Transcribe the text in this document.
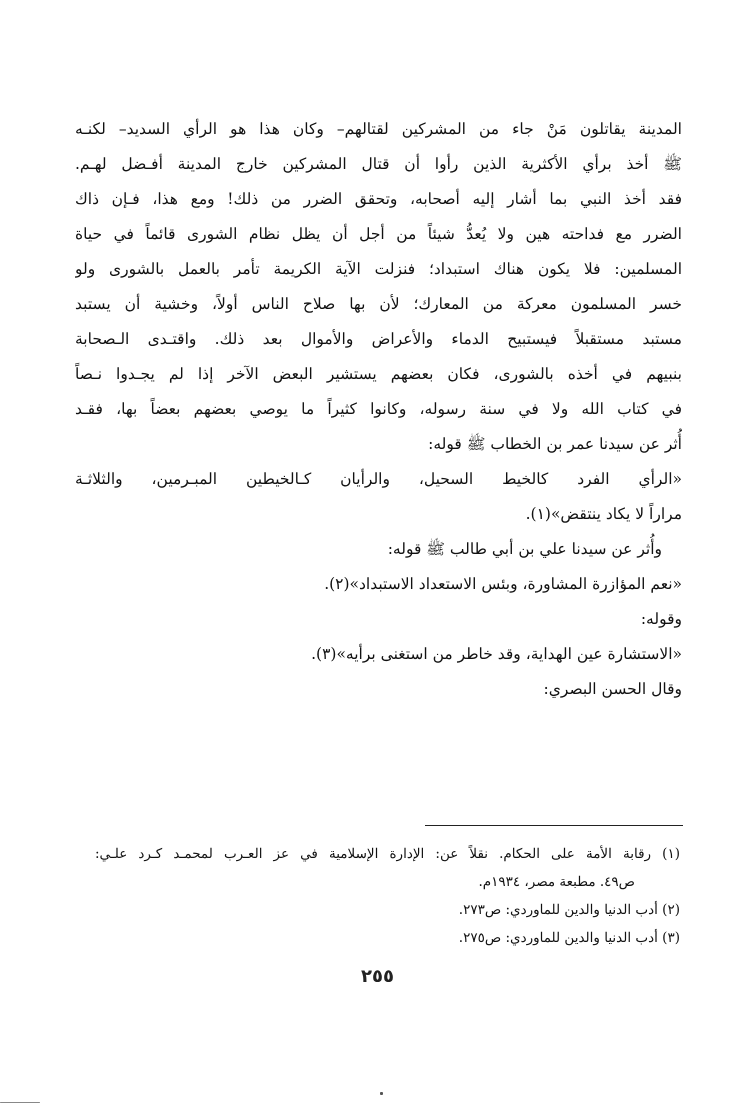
المدينة يقاتلون مَنْ جاء من المشركين لقتالهم– وكان هذا هو الرأي السديد– لكنـه
ﷺ أخذ برأي الأكثرية الذين رأوا أن قتال المشركين خارج المدينة أفـضل لهـم.
فقد أخذ النبي بما أشار إليه أصحابه، وتحقق الضرر من ذلك! ومع هذا، فـإن ذاك
الضرر مع فداحته هين ولا يُعدُّ شيئاً من أجل أن يظل نظام الشورى قائماً في حياة
المسلمين: فلا يكون هناك استبداد؛ فنزلت الآية الكريمة تأمر بالعمل بالشورى ولو
خسر المسلمون معركة من المعارك؛ لأن بها صلاح الناس أولاً، وخشية أن يستبد
مستبد مستقبلاً فيستبيح الدماء والأعراض والأموال بعد ذلك. واقتـدى الـصحابة
بنبيهم في أخذه بالشورى، فكان بعضهم يستشير البعض الآخر إذا لم يجـدوا نـصاً
في كتاب الله ولا في سنة رسوله، وكانوا كثيراً ما يوصي بعضهم بعضاً بها، فقـد
أُثر عن سيدنا عمر بن الخطاب ﷺ قوله:
«الرأي الفرد كالخيط السحيل، والرأيان كـالخيطين المبـرمين، والثلاثـة
مراراً لا يكاد ينتقض»(١).
وأُثر عن سيدنا علي بن أبي طالب ﷺ قوله:
«نعم المؤازرة المشاورة، وبئس الاستعداد الاستبداد»(٢).
وقوله:
«الاستشارة عين الهداية، وقد خاطر من استغنى برأيه»(٣).
وقال الحسن البصري:
(١) رقابة الأمة على الحكام. نقلاً عن: الإدارة الإسلامية في عز العـرب لمحمـد كـرد علـي:
ص٤٩. مطبعة مصر، ١٩٣٤م.
(٢) أدب الدنيا والدين للماوردي: ص٢٧٣.
(٣) أدب الدنيا والدين للماوردي: ص٢٧٥.
٢٥٥
